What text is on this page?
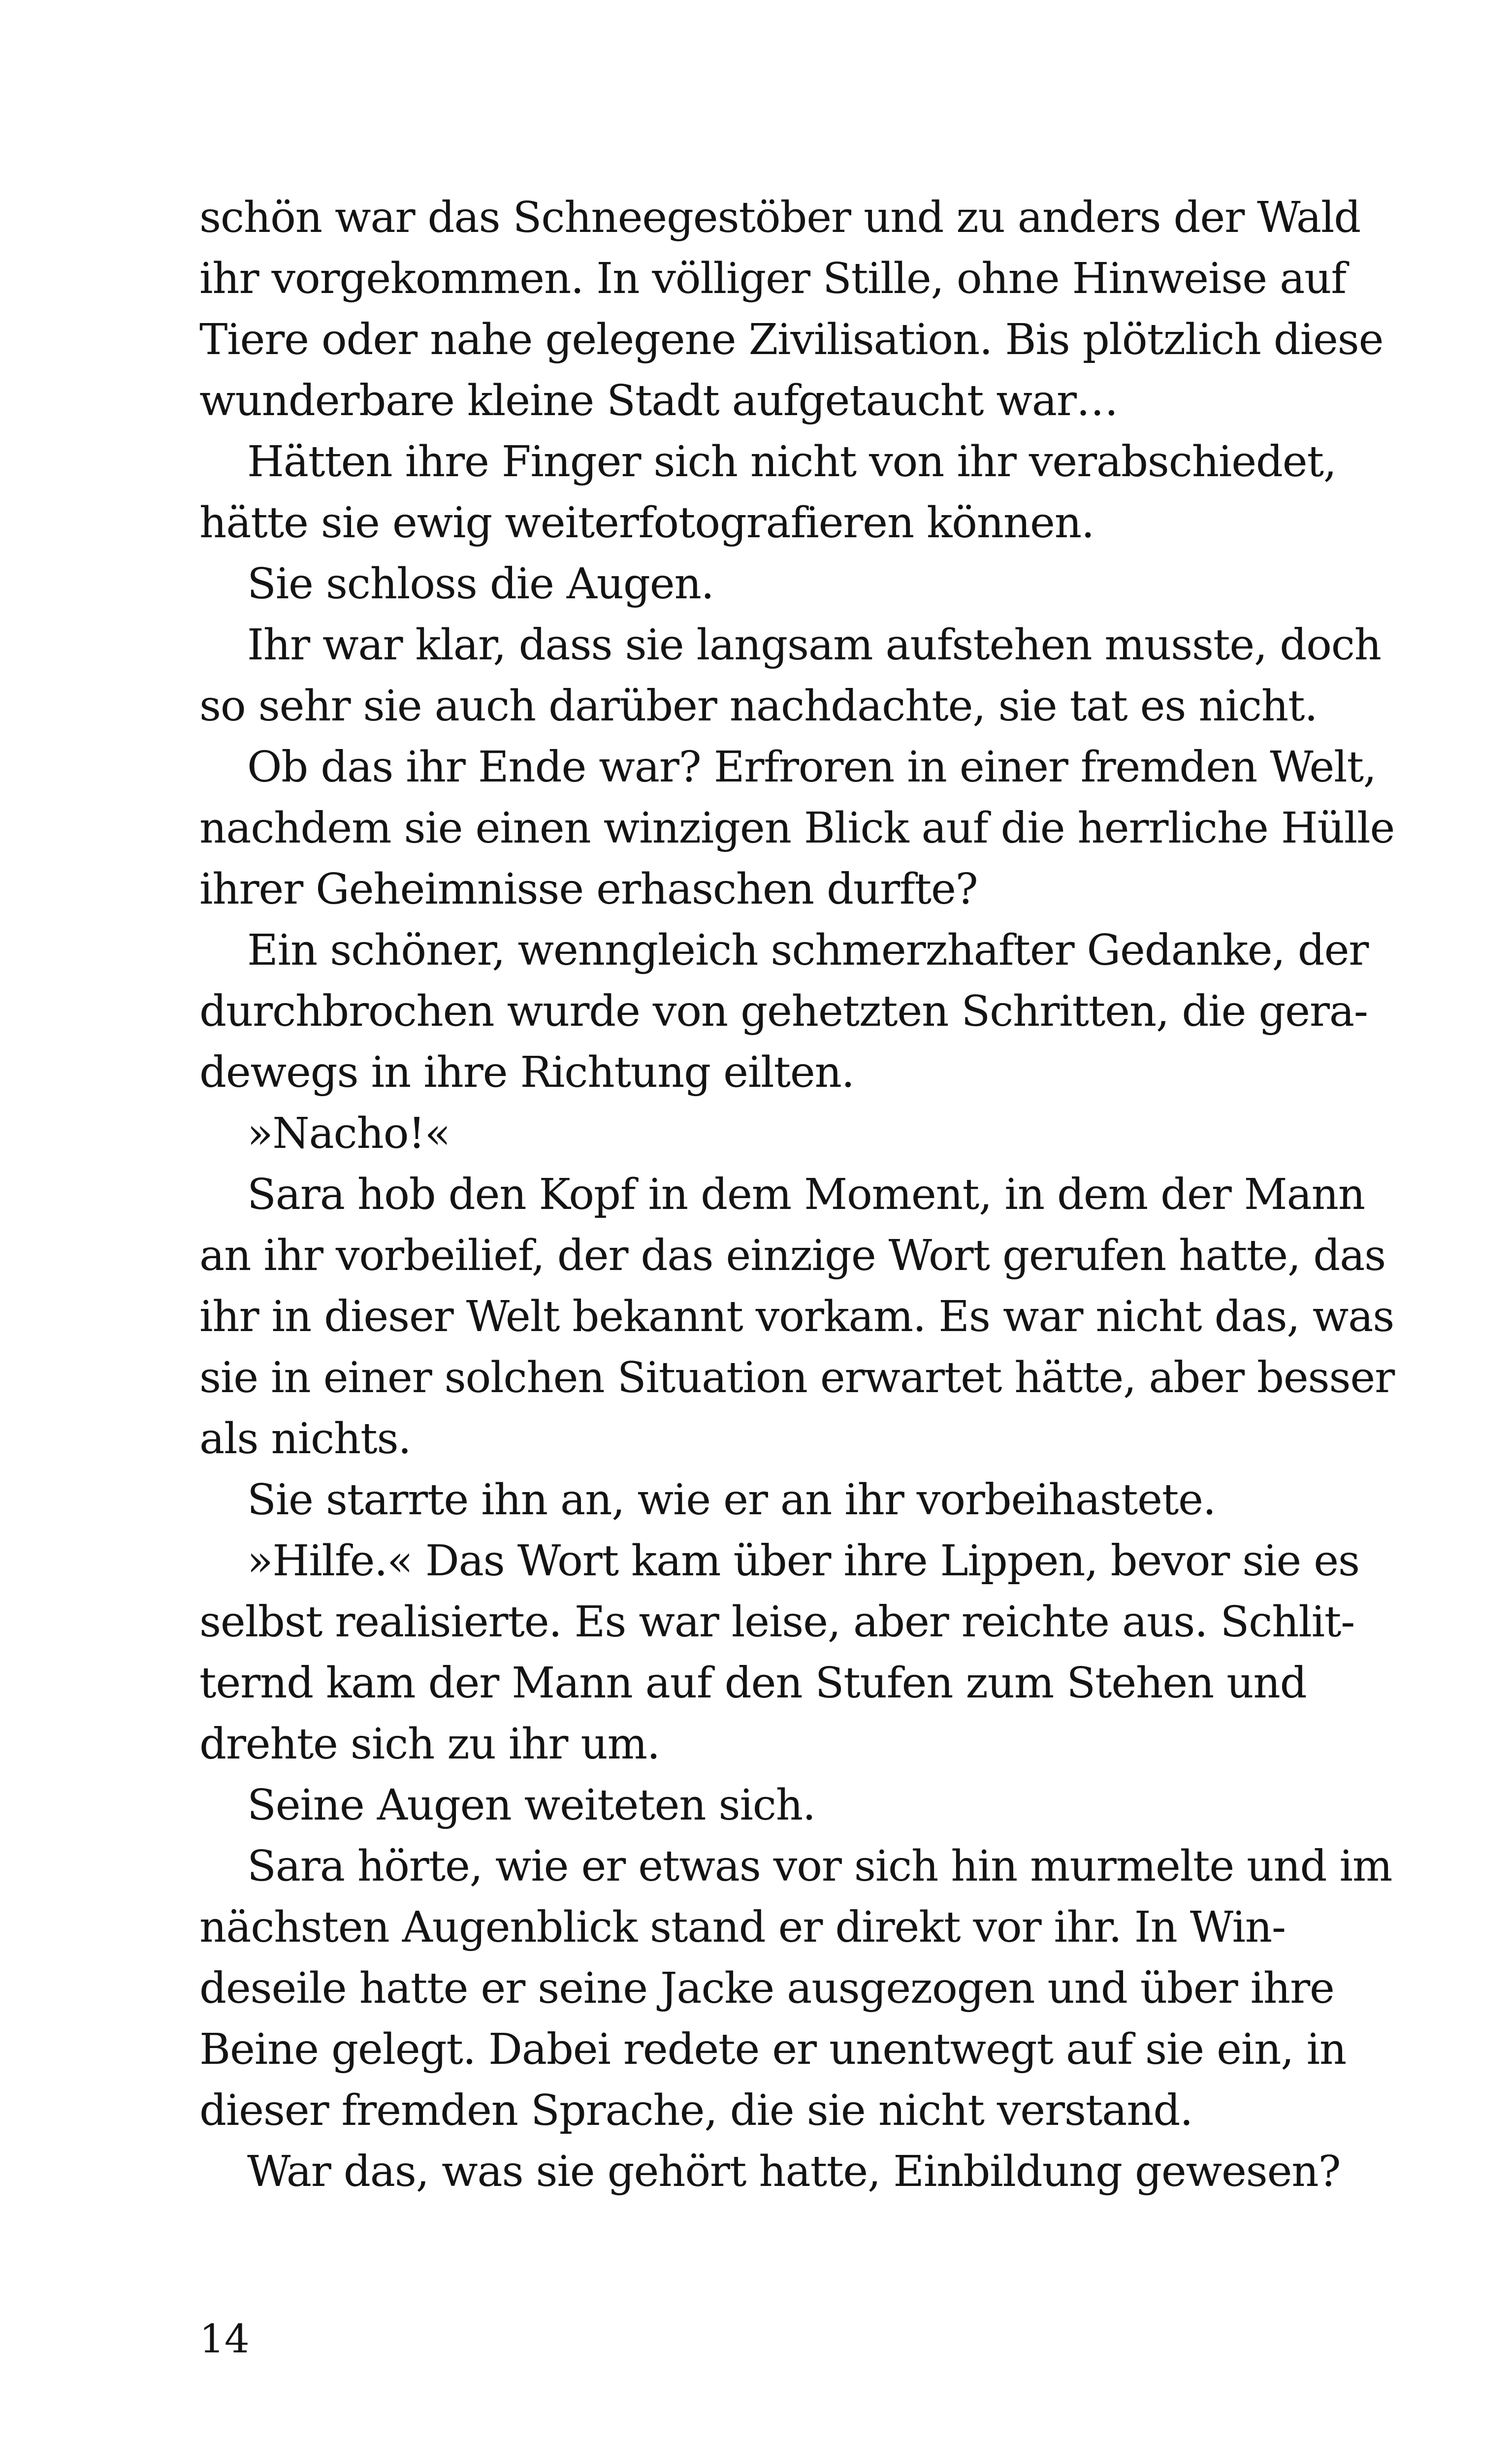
schön war das Schneegestöber und zu anders der Wald
ihr vorgekommen. In völliger Stille, ohne Hinweise auf
Tiere oder nahe gelegene Zivilisation. Bis plötzlich diese
wunderbare kleine Stadt aufgetaucht war…
Hätten ihre Finger sich nicht von ihr verabschiedet,
hätte sie ewig weiterfotografieren können.
Sie schloss die Augen.
Ihr war klar, dass sie langsam aufstehen musste, doch
so sehr sie auch darüber nachdachte, sie tat es nicht.
Ob das ihr Ende war? Erfroren in einer fremden Welt,
nachdem sie einen winzigen Blick auf die herrliche Hülle
ihrer Geheimnisse erhaschen durfte?
Ein schöner, wenngleich schmerzhafter Gedanke, der
durchbrochen wurde von gehetzten Schritten, die gera-
dewegs in ihre Richtung eilten.
»Nacho!«
Sara hob den Kopf in dem Moment, in dem der Mann
an ihr vorbeilief, der das einzige Wort gerufen hatte, das
ihr in dieser Welt bekannt vorkam. Es war nicht das, was
sie in einer solchen Situation erwartet hätte, aber besser
als nichts.
Sie starrte ihn an, wie er an ihr vorbeihastete.
»Hilfe.« Das Wort kam über ihre Lippen, bevor sie es
selbst realisierte. Es war leise, aber reichte aus. Schlit-
ternd kam der Mann auf den Stufen zum Stehen und
drehte sich zu ihr um.
Seine Augen weiteten sich.
Sara hörte, wie er etwas vor sich hin murmelte und im
nächsten Augenblick stand er direkt vor ihr. In Win-
deseile hatte er seine Jacke ausgezogen und über ihre
Beine gelegt. Dabei redete er unentwegt auf sie ein, in
dieser fremden Sprache, die sie nicht verstand.
War das, was sie gehört hatte, Einbildung gewesen?
14
